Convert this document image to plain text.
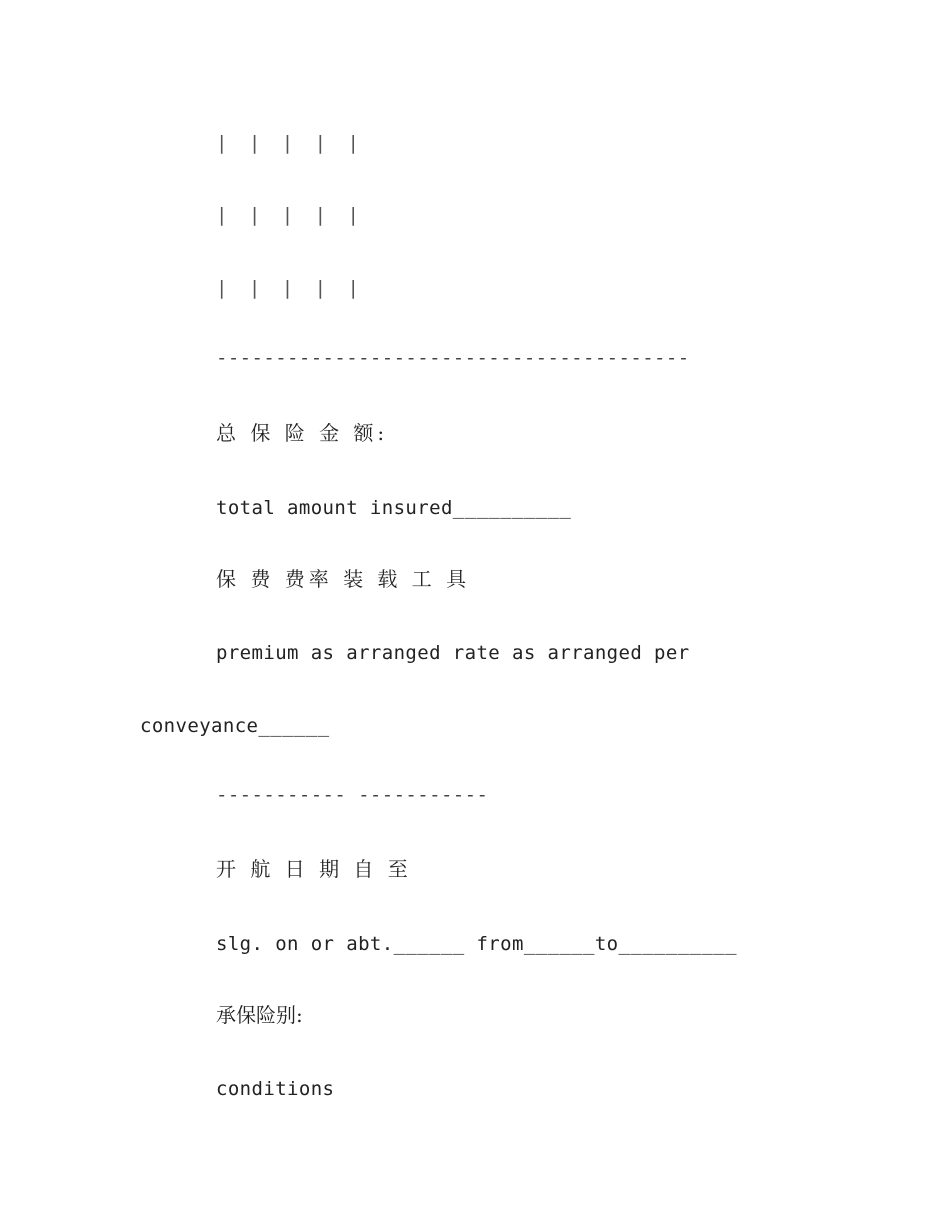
| | | | |
| | | | |
| | | | |
----------------------------------------
总 保 险 金 额:
total amount insured__________
保 费 费率 装 载 工 具
premium as arranged rate as arranged per
conveyance______
----------- -----------
开 航 日 期 自 至
slg. on or abt.______ from______to__________
承保险别:
conditions
